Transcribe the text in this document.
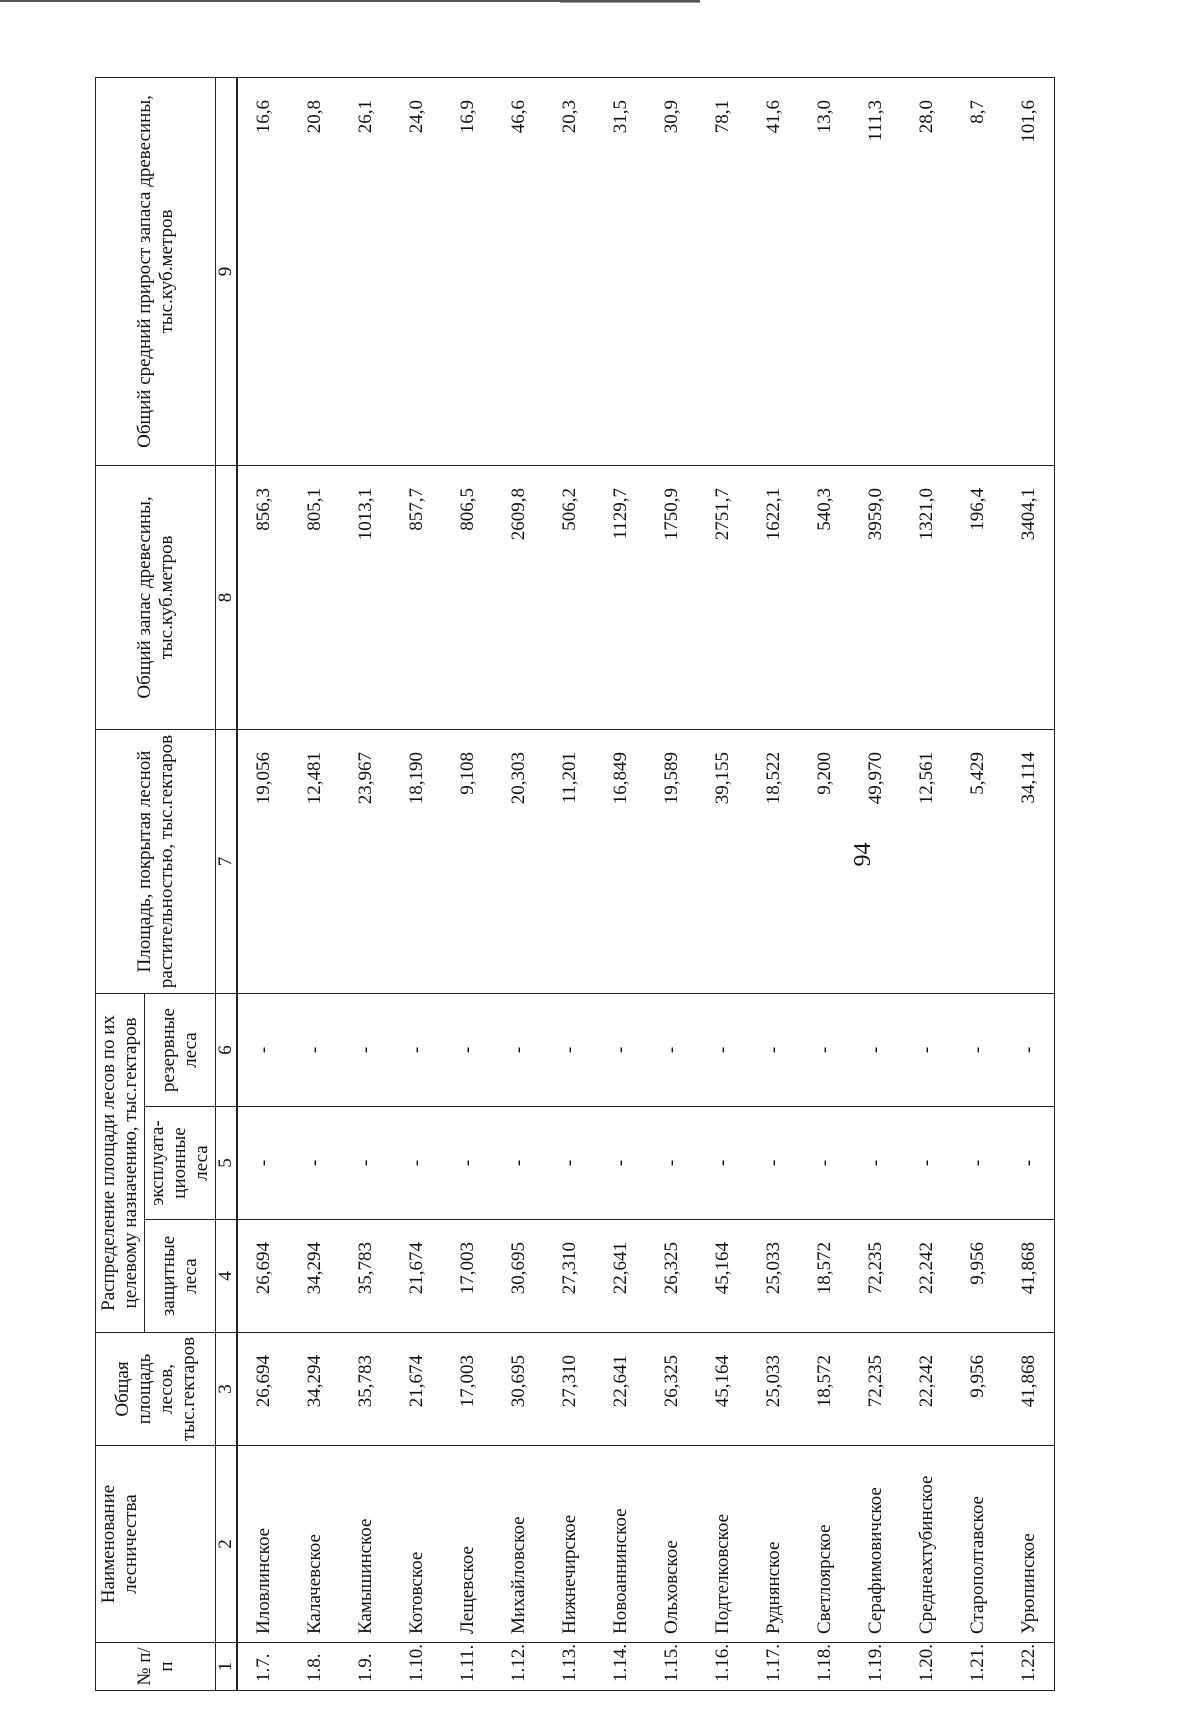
94
№ п/п	Наименование лесничества	Общая площадь лесов, тыс.гектаров	Распределение площади лесов по их целевому назначению, тыс.гектаров			Площадь, покрытая лесной растительностью, тыс.гектаров	Общий запас древесины, тыс.куб.метров	Общий средний прирост запаса древесины, тыс.куб.метров
			защитные леса	эксплуата-ционные леса	резервные леса			
1	2	3	4	5	6	7	8	9
1.7.	Иловлинское	26,694	26,694	-	-	19,056	856,3	16,6
1.8.	Калачевское	34,294	34,294	-	-	12,481	805,1	20,8
1.9.	Камышинское	35,783	35,783	-	-	23,967	1013,1	26,1
1.10.	Котовское	21,674	21,674	-	-	18,190	857,7	24,0
1.11.	Лещевское	17,003	17,003	-	-	9,108	806,5	16,9
1.12.	Михайловское	30,695	30,695	-	-	20,303	2609,8	46,6
1.13.	Нижнечирское	27,310	27,310	-	-	11,201	506,2	20,3
1.14.	Новоаннинское	22,641	22,641	-	-	16,849	1129,7	31,5
1.15.	Ольховское	26,325	26,325	-	-	19,589	1750,9	30,9
1.16.	Подтелковское	45,164	45,164	-	-	39,155	2751,7	78,1
1.17.	Руднянское	25,033	25,033	-	-	18,522	1622,1	41,6
1.18.	Светлоярское	18,572	18,572	-	-	9,200	540,3	13,0
1.19.	Серафимовичское	72,235	72,235	-	-	49,970	3959,0	111,3
1.20.	Среднеахтубинское	22,242	22,242	-	-	12,561	1321,0	28,0
1.21.	Старополтавское	9,956	9,956	-	-	5,429	196,4	8,7
1.22.	Урюпинское	41,868	41,868	-	-	34,114	3404,1	101,6
